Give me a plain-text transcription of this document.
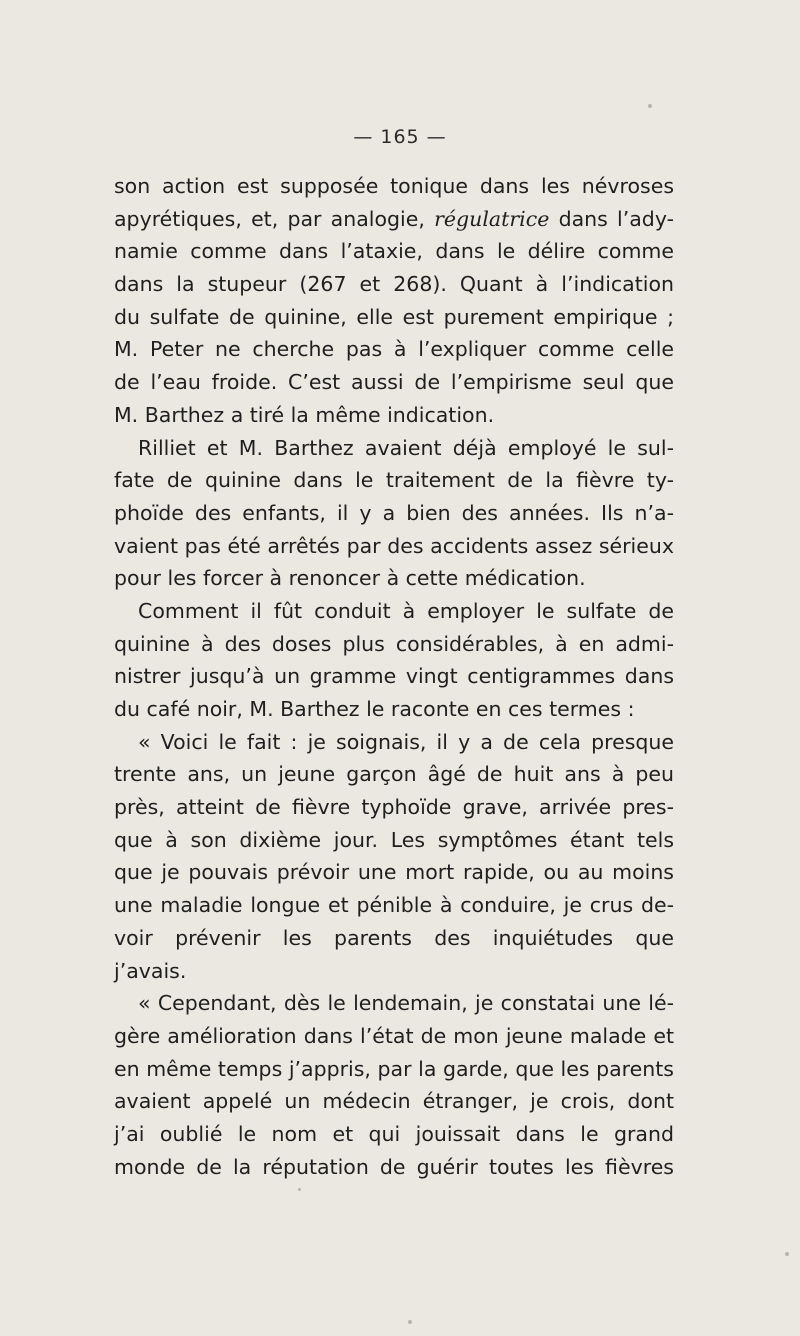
— 165 —
son action est supposée tonique dans les névroses
apyrétiques, et, par analogie, régulatrice dans l’ady-
namie comme dans l’ataxie, dans le délire comme
dans la stupeur (267 et 268). Quant à l’indication
du sulfate de quinine, elle est purement empirique ;
M. Peter ne cherche pas à l’expliquer comme celle
de l’eau froide. C’est aussi de l’empirisme seul que
M. Barthez a tiré la même indication.
Rilliet et M. Barthez avaient déjà employé le sul-
fate de quinine dans le traitement de la fièvre ty-
phoïde des enfants, il y a bien des années. Ils n’a-
vaient pas été arrêtés par des accidents assez sérieux
pour les forcer à renoncer à cette médication.
Comment il fût conduit à employer le sulfate de
quinine à des doses plus considérables, à en admi-
nistrer jusqu’à un gramme vingt centigrammes dans
du café noir, M. Barthez le raconte en ces termes :
« Voici le fait : je soignais, il y a de cela presque
trente ans, un jeune garçon âgé de huit ans à peu
près, atteint de fièvre typhoïde grave, arrivée pres-
que à son dixième jour. Les symptômes étant tels
que je pouvais prévoir une mort rapide, ou au moins
une maladie longue et pénible à conduire, je crus de-
voir prévenir les parents des inquiétudes que
j’avais.
« Cependant, dès le lendemain, je constatai une lé-
gère amélioration dans l’état de mon jeune malade et
en même temps j’appris, par la garde, que les parents
avaient appelé un médecin étranger, je crois, dont
j’ai oublié le nom et qui jouissait dans le grand
monde de la réputation de guérir toutes les fièvres
